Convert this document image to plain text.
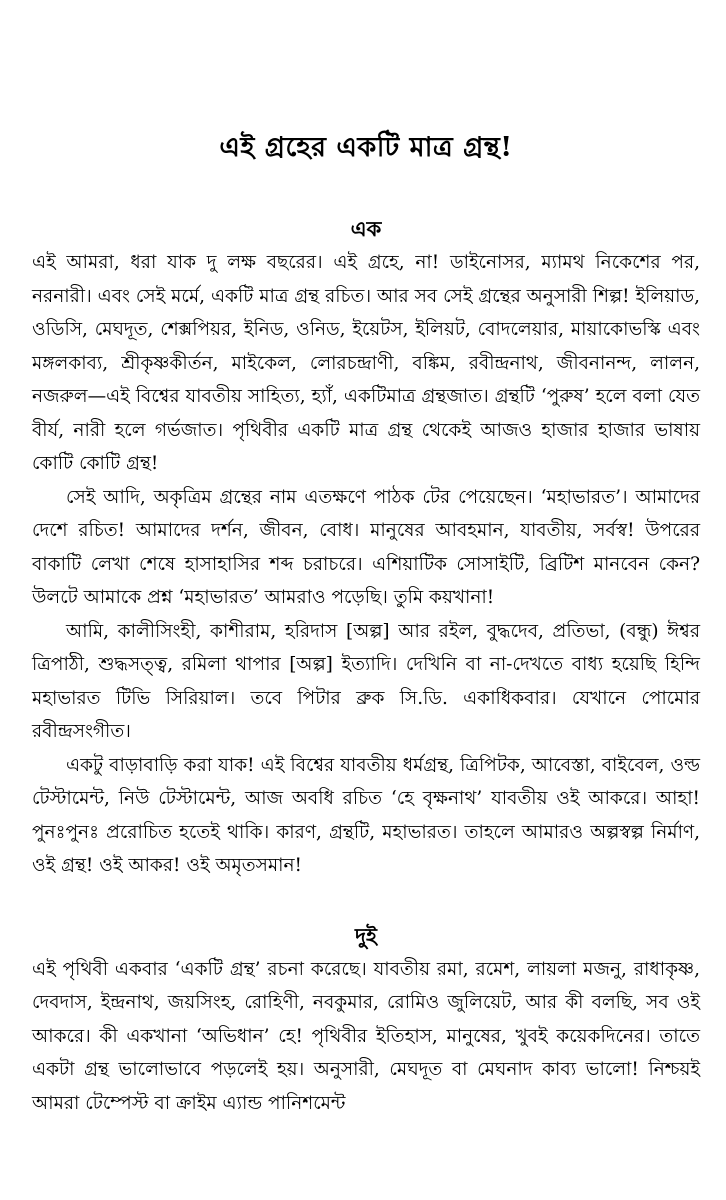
এই গ্রহের একটি মাত্র গ্রন্থ!
এক

এই আমরা, ধরা যাক দু লক্ষ বছরের। এই গ্রহে, না! ডাইনোসর, ম্যামথ নিকেশের পর, নরনারী। এবং সেই মর্মে, একটি মাত্র গ্রন্থ রচিত। আর সব সেই গ্রন্থের অনুসারী শিল্প! ইলিয়াড, ওডিসি, মেঘদূত, শেক্সপিয়র, ইনিড, ওনিড, ইয়েটস, ইলিয়ট, বোদলেয়ার, মায়াকোভস্কি এবং মঙ্গলকাব্য, শ্রীকৃষ্ণকীর্তন, মাইকেল, লোরচন্দ্রাণী, বঙ্কিম, রবীন্দ্রনাথ, জীবনানন্দ, লালন, নজরুল—এই বিশ্বের যাবতীয় সাহিত্য, হ্যাঁ, একটিমাত্র গ্রন্থজাত। গ্রন্থটি ‘পুরুষ’ হলে বলা যেত বীর্য, নারী হলে গর্ভজাত। পৃথিবীর একটি মাত্র গ্রন্থ থেকেই আজও হাজার হাজার ভাষায় কোটি কোটি গ্রন্থ!

সেই আদি, অকৃত্রিম গ্রন্থের নাম এতক্ষণে পাঠক টের পেয়েছেন। ‘মহাভারত’। আমাদের দেশে রচিত! আমাদের দর্শন, জীবন, বোধ। মানুষের আবহমান, যাবতীয়, সর্বস্ব! উপরের বাকাটি লেখা শেষে হাসাহাসির শব্দ চরাচরে। এশিয়াটিক সোসাইটি, ব্রিটিশ মানবেন কেন? উলটে আমাকে প্রশ্ন ‘মহাভারত’ আমরাও পড়েছি। তুমি কয়খানা!

আমি, কালীসিংহী, কাশীরাম, হরিদাস [অল্প] আর রইল, বুদ্ধদেব, প্রতিভা, (বন্ধু) ঈশ্বর ত্রিপাঠী, শুদ্ধসত্ত্ব, রমিলা থাপার [অল্প] ইত্যাদি। দেখিনি বা না-দেখতে বাধ্য হয়েছি হিন্দি মহাভারত টিভি সিরিয়াল। তবে পিটার ব্রুক সি.ডি. একাধিকবার। যেখানে পোমোর রবীন্দ্রসংগীত।

একটু বাড়াবাড়ি করা যাক! এই বিশ্বের যাবতীয় ধর্মগ্রন্থ, ত্রিপিটক, আবেস্তা, বাইবেল, ওল্ড টেস্টামেন্ট, নিউ টেস্টামেন্ট, আজ অবধি রচিত ‘হে বৃক্ষনাথ’ যাবতীয় ওই আকরে। আহা! পুনঃপুনঃ প্ররোচিত হতেই থাকি। কারণ, গ্রন্থটি, মহাভারত। তাহলে আমারও অল্পস্বল্প নির্মাণ, ওই গ্রন্থ! ওই আকর! ওই অমৃতসমান!

দুই

এই পৃথিবী একবার ‘একটি গ্রন্থ’ রচনা করেছে। যাবতীয় রমা, রমেশ, লায়লা মজনু, রাধাকৃষ্ণ, দেবদাস, ইন্দ্রনাথ, জয়সিংহ, রোহিণী, নবকুমার, রোমিও জুলিয়েট, আর কী বলছি, সব ওই আকরে। কী একখানা ‘অভিধান’ হে! পৃথিবীর ইতিহাস, মানুষের, খুবই কয়েকদিনের। তাতে একটা গ্রন্থ ভালোভাবে পড়লেই হয়। অনুসারী, মেঘদূত বা মেঘনাদ কাব্য ভালো! নিশ্চয়ই আমরা টেম্পেস্ট বা ক্রাইম এ্যান্ড পানিশমেন্ট
